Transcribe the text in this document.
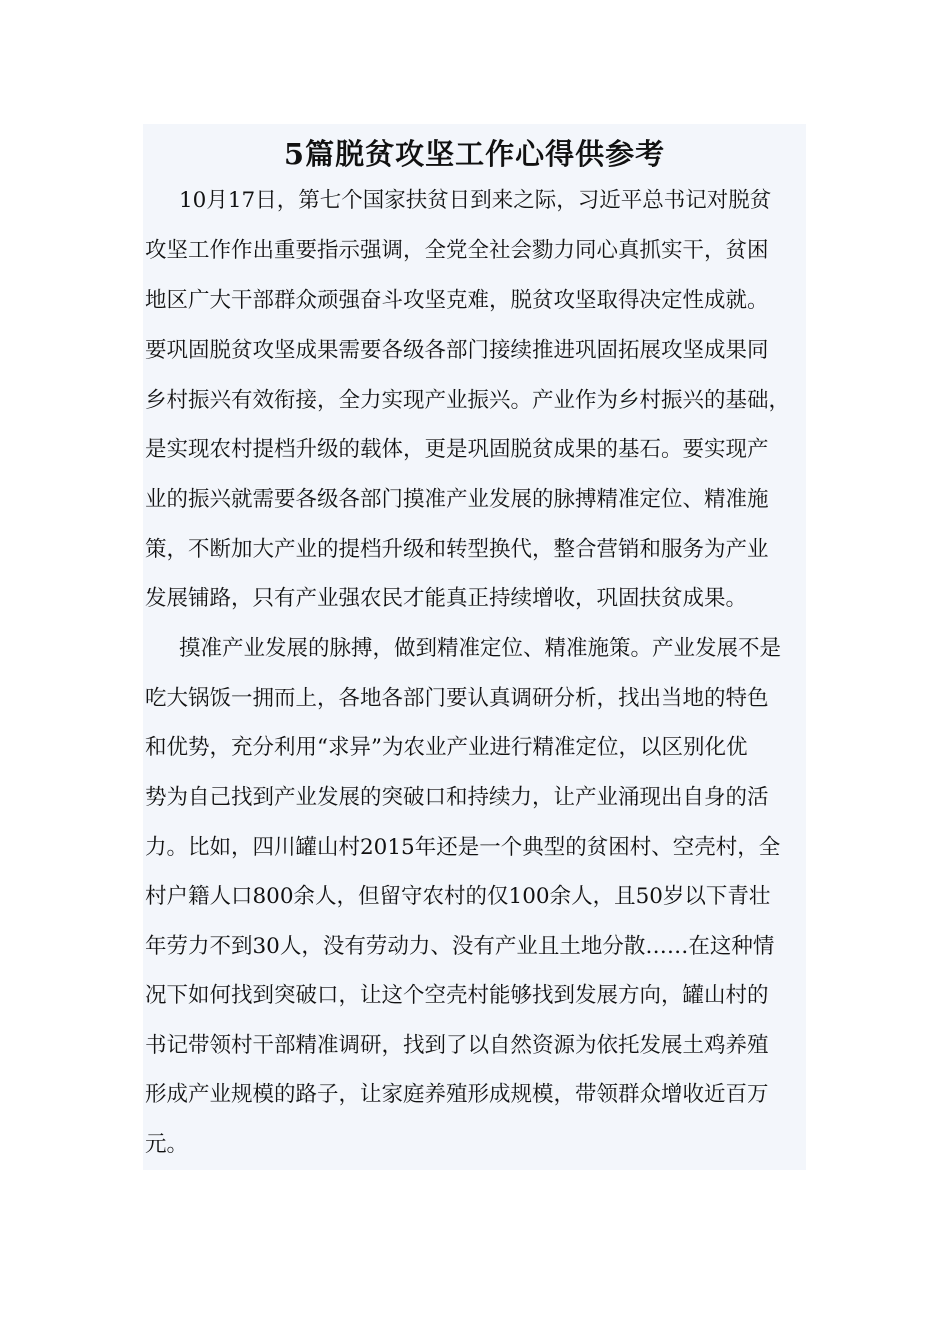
5篇脱贫攻坚工作心得供参考
10月17日，第七个国家扶贫日到来之际，习近平总书记对脱贫
攻坚工作作出重要指示强调，全党全社会勠力同心真抓实干，贫困
地区广大干部群众顽强奋斗攻坚克难，脱贫攻坚取得决定性成就。
要巩固脱贫攻坚成果需要各级各部门接续推进巩固拓展攻坚成果同
乡村振兴有效衔接，全力实现产业振兴。产业作为乡村振兴的基础，
是实现农村提档升级的载体，更是巩固脱贫成果的基石。要实现产
业的振兴就需要各级各部门摸准产业发展的脉搏精准定位、精准施
策，不断加大产业的提档升级和转型换代，整合营销和服务为产业
发展铺路，只有产业强农民才能真正持续增收，巩固扶贫成果。
摸准产业发展的脉搏，做到精准定位、精准施策。产业发展不是
吃大锅饭一拥而上，各地各部门要认真调研分析，找出当地的特色
和优势，充分利用“求异”为农业产业进行精准定位，以区别化优
势为自己找到产业发展的突破口和持续力，让产业涌现出自身的活
力。比如，四川罐山村2015年还是一个典型的贫困村、空壳村，全
村户籍人口800余人，但留守农村的仅100余人，且50岁以下青壮
年劳力不到30人，没有劳动力、没有产业且土地分散……在这种情
况下如何找到突破口，让这个空壳村能够找到发展方向，罐山村的
书记带领村干部精准调研，找到了以自然资源为依托发展土鸡养殖
形成产业规模的路子，让家庭养殖形成规模，带领群众增收近百万
元。
